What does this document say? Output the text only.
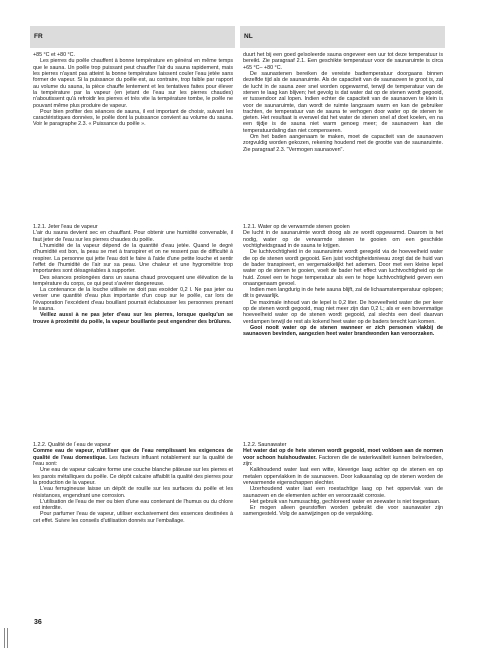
FR	NL

+85 °C et +80 °C.

Les pierres du poêle chauffent à bonne température en général en même temps que le sauna. Un poêle trop puissant peut chauffer l'air du sauna rapidement, mais les pierres n'ayant pas atteint la bonne température laissent couler l'eau jetée sans former de vapeur. Si la puissance du poêle est, au contraire, trop faible par rapport au volume du sauna, la pièce chauffe lentement et les tentatives faites pour élever la température par la vapeur (en jetant de l'eau sur les pierres chaudes) n'aboutissent qu'à refroidir les pierres et très vite la température tombe, le poêle ne pouvant même plus produire de vapeur.

Pour bien profiter des séances de sauna, il est important de choisir, suivant les caractéristiques données, le poêle dont la puissance convient au volume du sauna. Voir le paragraphe 2.3. « Puissance du poêle ».

1.2.1. Jeter l'eau de vapeur

L'air du sauna devient sec en chauffant. Pour obtenir une humidité convenable, il faut jeter de l'eau sur les pierres chaudes du poêle.

L'humidité de la vapeur dépend de la quantité d'eau jetée. Quand le degré d'humidité est bon, la peau se met à transpirer et on ne ressent pas de difficulté à respirer. La personne qui jette l'eau doit le faire à l'aide d'une petite louche et sentir l'effet de l'humidité de l'air sur sa peau. Une chaleur et une hygrométrie trop importantes sont désagréables à supporter.

Des séances prolongées dans un sauna chaud provoquent une élévation de la température du corps, ce qui peut s'avérer dangereuse.

La contenance de la louche utilisée ne doit pas excéder 0,2 l. Ne pas jeter ou verser une quantité d'eau plus importante d'un coup sur le poêle, car lors de l'évaporation l'excédent d'eau bouillant pourrait éclabousser les personnes prenant le sauna.

Veillez aussi à ne pas jeter d'eau sur les pierres, lorsque quelqu'un se trouve à proximité du poêle, la vapeur bouillante peut engendrer des brûlures.

1.2.2. Qualité de l´eau de vapeur

Comme eau de vapeur, n'utiliser que de l'eau remplissant les exigences de qualité de l'eau domestique. Les facteurs influant notablement sur la qualité de l'eau sont:

Une eau de vapeur calcaire forme une couche blanche pâteuse sur les pierres et les parois métalliques du poêle. Ce dépôt calcaire affaiblit la qualité des pierres pour la production de la vapeur.

L'eau ferrugineuse laisse un dépôt de rouille sur les surfaces du poêle et les résistances, engendrant une corrosion.

L'utilisation de l'eau de mer ou bien d'une eau contenant de l'humus ou du chlore est interdite.

Pour parfumer l'eau de vapeur, utiliser exclusivement des essences destinées à cet effet. Suivre les conseils d'utilisation donnés sur l'emballage.

duurt het bij een goed geïsoleerde sauna ongeveer een uur tot deze temperatuur is bereikt. Zie paragraaf 2.1. Een geschikte temperatuur voor de saunaruimte is circa +65 °C– +80 °C.

De saunastenen bereiken de vereiste badtemperatuur doorgaans binnen dezelfde tijd als de saunaruimte. Als de capaciteit van de saunaoven te groot is, zal de lucht in de sauna zeer snel worden opgewarmd, terwijl de temperatuur van de stenen te laag kan blijven; het gevolg is dat water dat op de stenen wordt gegooid, er tussendoor zal lopen. Indien echter de capaciteit van de saunaoven te klein is voor de saunaruimte, dan wordt de ruimte langzaam warm en kan de gebruiker trachten, de temperatuur van de sauna te verhogen door water op de stenen te gieten. Het resultaat is evenwel dat het water de stenen snel af doet koelen, en na een tijdje is de sauna niet warm genoeg meer; de saunaoven kan die temperatuurdaling dan niet compenseren.

Om het baden aangenaam te maken, moet de capaciteit van de saunaoven zorgvuldig worden gekozen, rekening houdend met de grootte van de saunaruimte. Zie paragraaf 2.3. "Vermogen saunaoven".

1.2.1. Water op de verwarmde stenen gooien

De lucht in de saunaruimte wordt droog als ze wordt opgewarmd. Daarom is het nodig, water op de verwarmde stenen te gooien om een geschikte vochtigheidsgraad in de sauna te krijgen.

De luchtvochtigheid in de saunaruimte wordt geregeld via de hoeveelheid water die op de stenen wordt gegooid. Een juist vochtigheidsniveau zorgt dat de huid van de bader transpireert, en vergemakkelijkt het ademen. Door met een kleine lepel water op de stenen te gooien, voelt de bader het effect van luchtvochtigheid op de huid. Zowel een te hoge temperatuur als een te hoge luchtvochtigheid geven een onaangenaam gevoel.

Indien men langdurig in de hete sauna blijft, zal de lichaamstemperatuur oplopen; dit is gevaarlijk.

De maximale inhoud van de lepel is 0,2 liter. De hoeveelheid water die per keer op de stenen wordt gegooid, mag niet meer zijn dan 0,2 L; als er een bovenmatige hoeveelheid water op de stenen wordt gegooid, zal slechts een deel daarvan verdampen terwijl de rest als kokend heet water op de baders terecht kan komen.

Gooi nooit water op de stenen wanneer er zich personen vlakbij de saunaoven bevinden, aangezien heet water brandwonden kan veroorzaken.

1.2.2. Saunawater

Het water dat op de hete stenen wordt gegooid, moet voldoen aan de normen voor schoon huishoudwater. Factoren die de waterkwaliteit kunnen beïnvloeden, zijn:

Kalkhoudend water laat een witte, kleverige laag achter op de stenen en op metalen oppervlakken in de saunaoven. Door kalkaanslag op de stenen worden de verwarmende eigenschappen slechter.

IJzerhoudend water laat een roestachtige laag op het oppervlak van de saunaoven en de elementen achter en veroorzaakt corrosie.

Het gebruik van humusachtig, gechloreerd water en zeewater is niet toegestaan.

Er mogen alleen geurstoffen worden gebruikt die voor saunawater zijn samengesteld. Volg de aanwijzingen op de verpakking.

36
